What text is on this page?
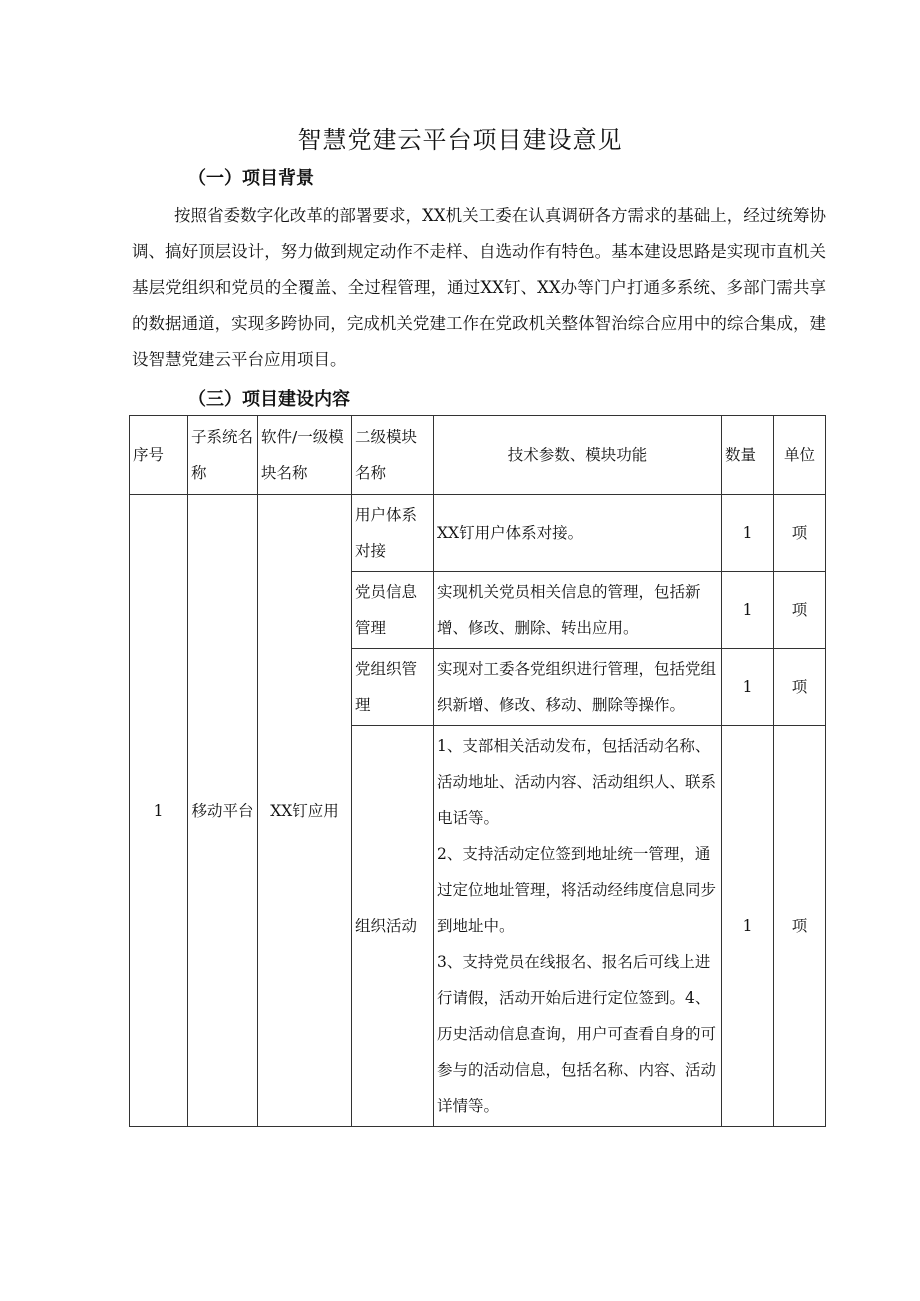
智慧党建云平台项目建设意见
（一）项目背景
按照省委数字化改革的部署要求，XX机关工委在认真调研各方需求的基础上，经过统筹协调、搞好顶层设计，努力做到规定动作不走样、自选动作有特色。基本建设思路是实现市直机关基层党组织和党员的全覆盖、全过程管理，通过XX钉、XX办等门户打通多系统、多部门需共享的数据通道，实现多跨协同，完成机关党建工作在党政机关整体智治综合应用中的综合集成，建设智慧党建云平台应用项目。
（三）项目建设内容
序号	子系统名称	软件/一级模块名称	二级模块名称	技术参数、模块功能	数量	单位
1	移动平台	XX钉应用	用户体系对接	XX钉用户体系对接。	1	项
			党员信息管理	实现机关党员相关信息的管理，包括新增、修改、删除、转出应用。	1	项
			党组织管理	实现对工委各党组织进行管理，包括党组织新增、修改、移动、删除等操作。	1	项
			组织活动	1、支部相关活动发布，包括活动名称、活动地址、活动内容、活动组织人、联系电话等。

2、支持活动定位签到地址统一管理，通过定位地址管理，将活动经纬度信息同步到地址中。

3、支持党员在线报名、报名后可线上进行请假，活动开始后进行定位签到。4、历史活动信息查询，用户可查看自身的可参与的活动信息，包括名称、内容、活动详情等。	1	项
